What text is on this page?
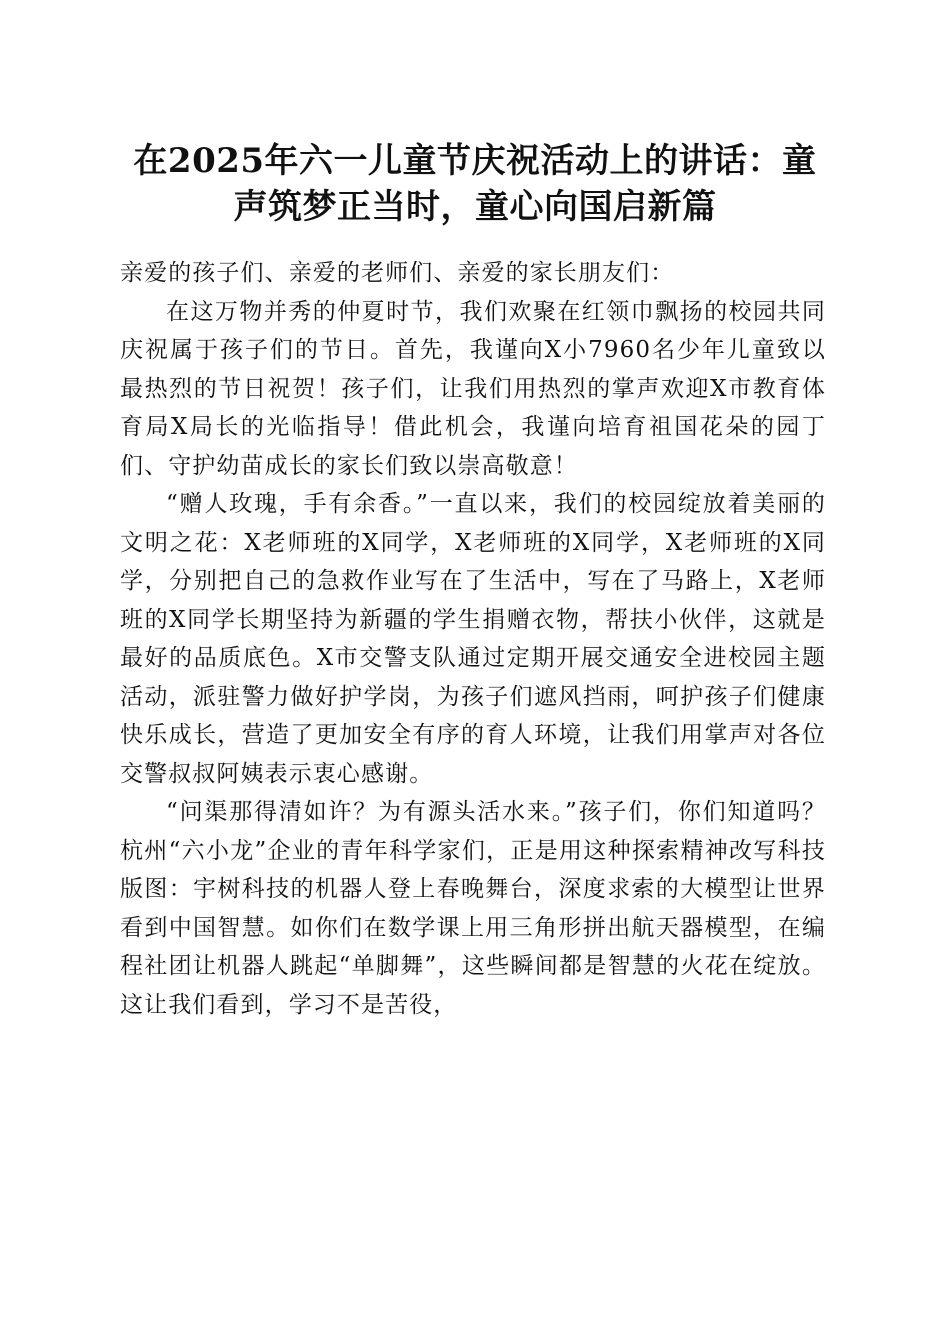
在2025年六一儿童节庆祝活动上的讲话：童
声筑梦正当时，童心向国启新篇

亲爱的孩子们、亲爱的老师们、亲爱的家长朋友们：

在这万物并秀的仲夏时节，我们欢聚在红领巾飘扬的校园共同庆祝属于孩子们的节日。首先，我谨向X小7960名少年儿童致以最热烈的节日祝贺！孩子们，让我们用热烈的掌声欢迎X市教育体育局X局长的光临指导！借此机会，我谨向培育祖国花朵的园丁们、守护幼苗成长的家长们致以崇高敬意！

“赠人玫瑰，手有余香。”一直以来，我们的校园绽放着美丽的文明之花：X老师班的X同学，X老师班的X同学，X老师班的X同学，分别把自己的急救作业写在了生活中，写在了马路上，X老师班的X同学长期坚持为新疆的学生捐赠衣物，帮扶小伙伴，这就是最好的品质底色。X市交警支队通过定期开展交通安全进校园主题活动，派驻警力做好护学岗，为孩子们遮风挡雨，呵护孩子们健康快乐成长，营造了更加安全有序的育人环境，让我们用掌声对各位交警叔叔阿姨表示衷心感谢。

“问渠那得清如许？为有源头活水来。”孩子们，你们知道吗？杭州“六小龙”企业的青年科学家们，正是用这种探索精神改写科技版图：宇树科技的机器人登上春晚舞台，深度求索的大模型让世界看到中国智慧。如你们在数学课上用三角形拼出航天器模型，在编程社团让机器人跳起“单脚舞”，这些瞬间都是智慧的火花在绽放。这让我们看到，学习不是苦役，
